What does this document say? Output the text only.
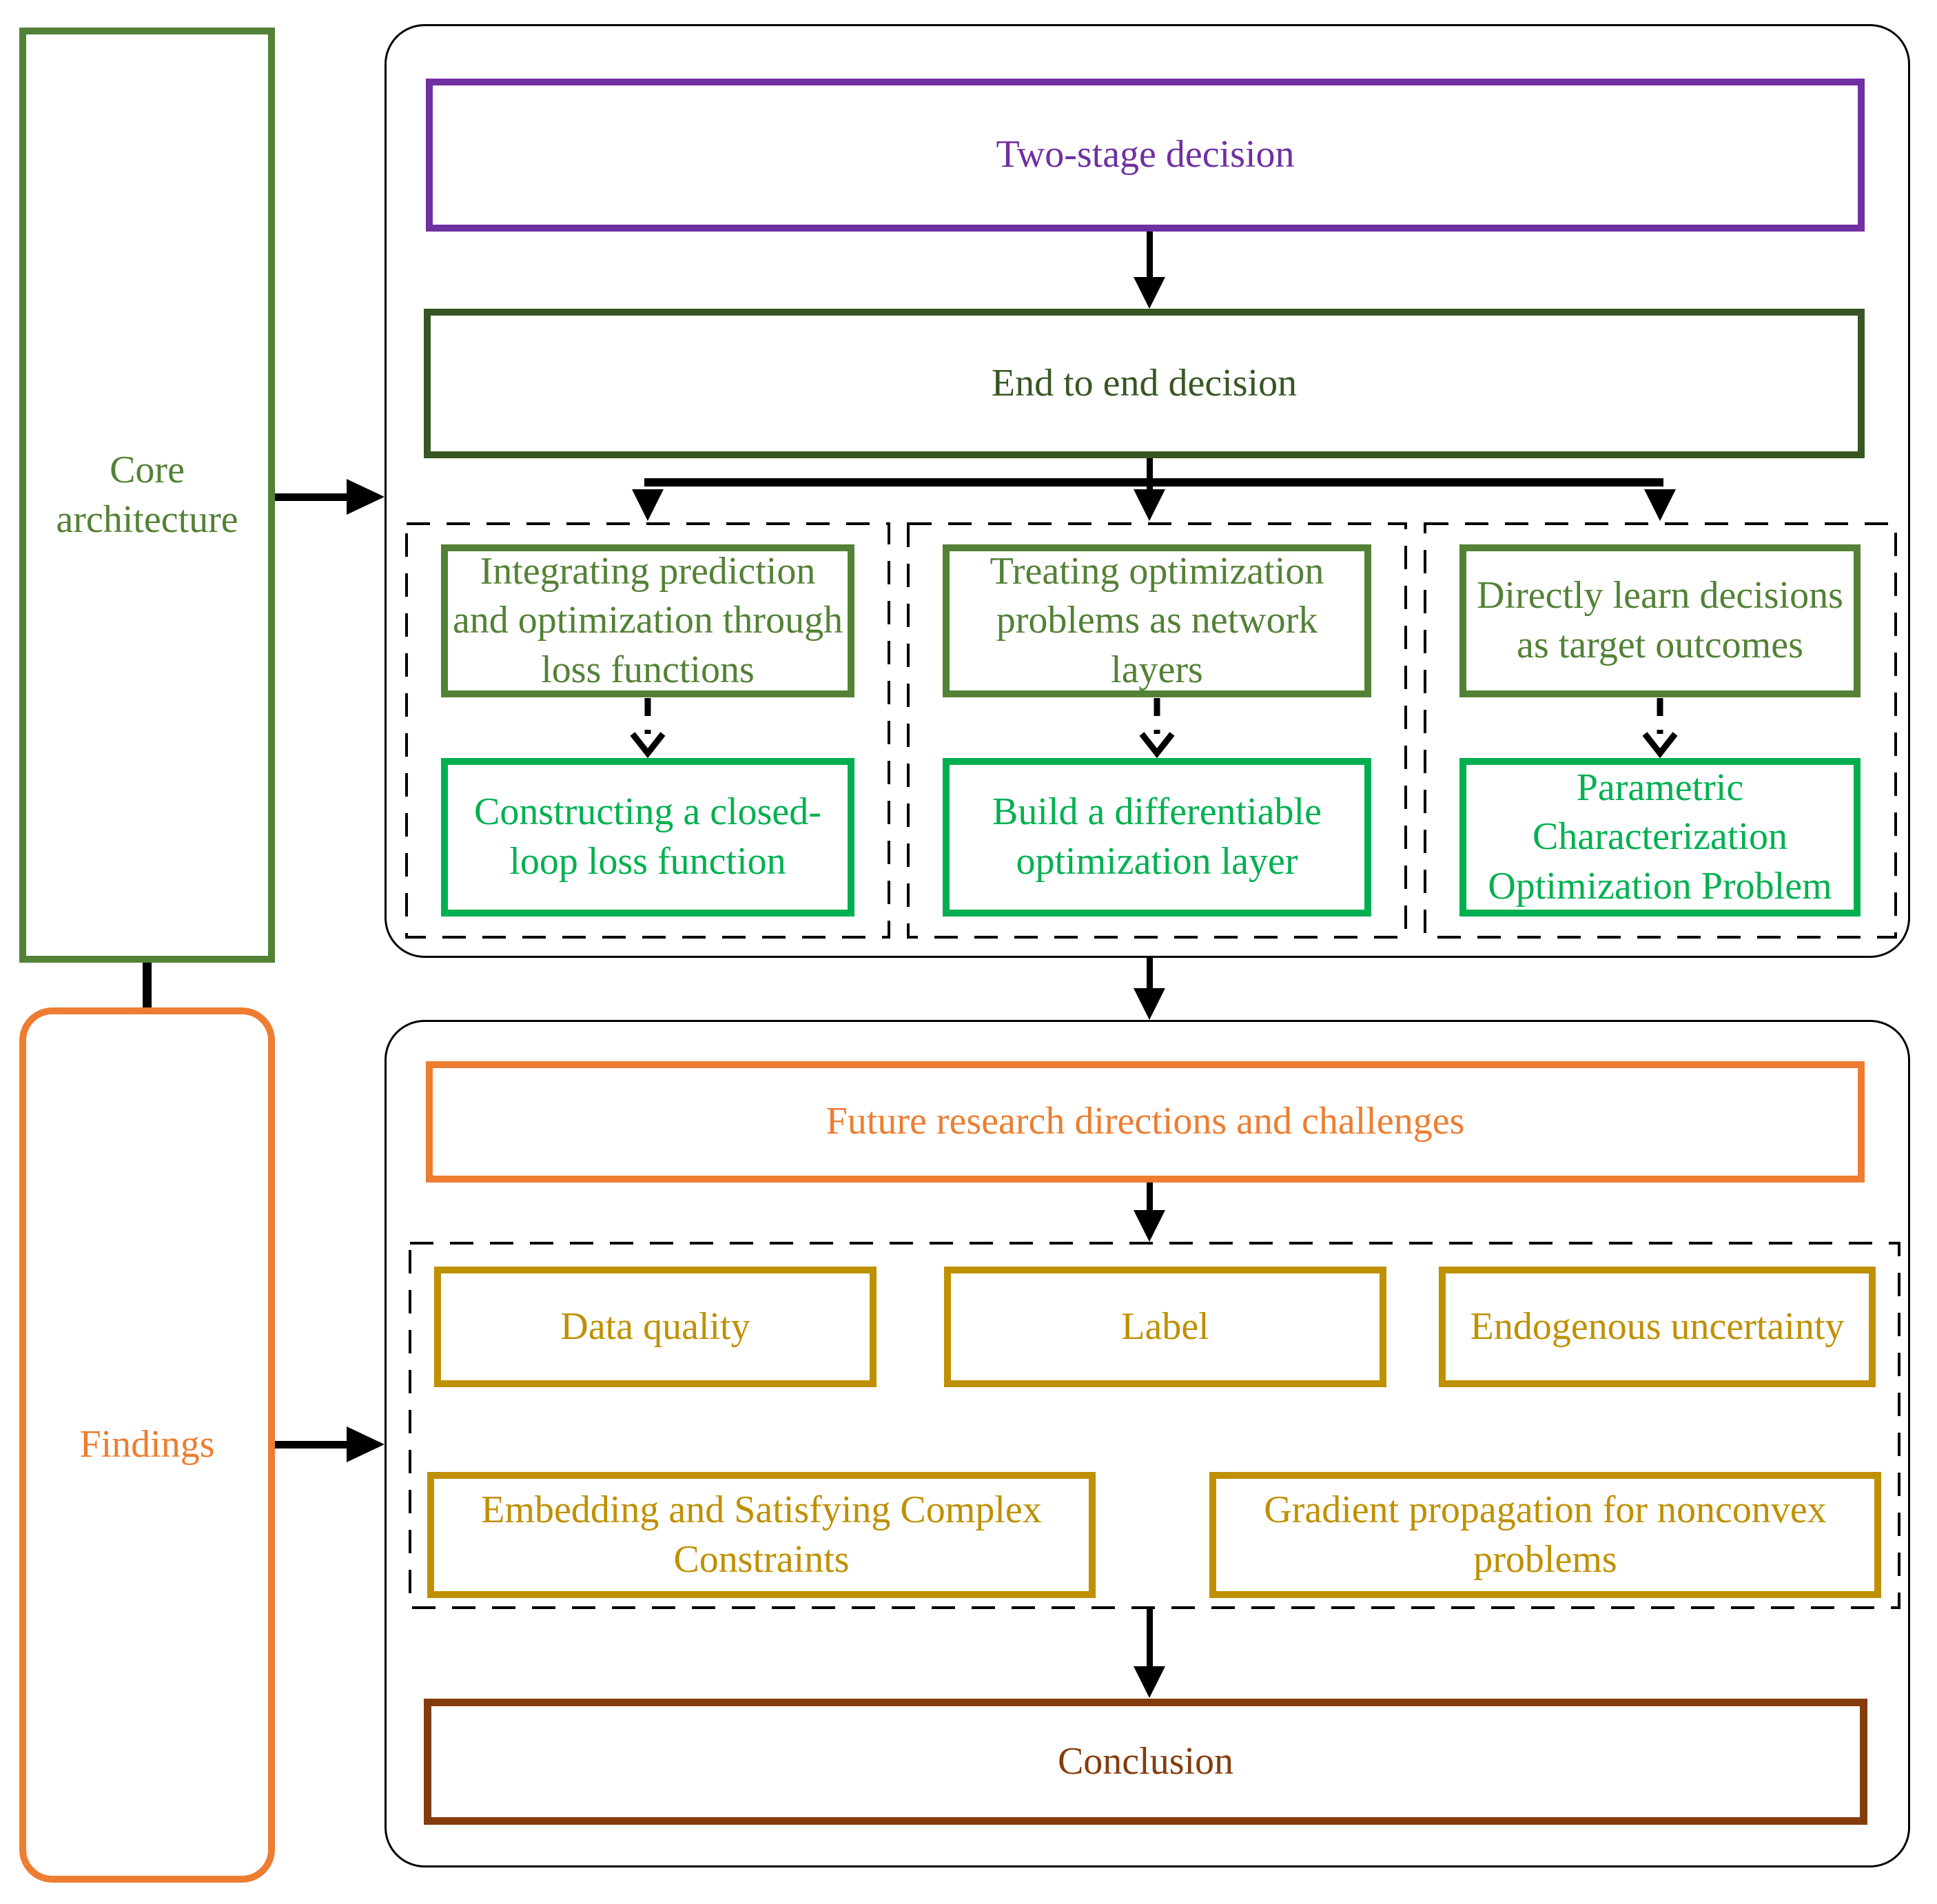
Core architecture
Findings
Two-stage decision
End to end decision
Integrating prediction and optimization through loss functions
Constructing a closed-loop loss function
Treating optimization problems as network layers
Build a differentiable optimization layer
Directly learn decisions as target outcomes
Parametric Characterization Optimization Problem
Future research directions and challenges
Data quality	Label	Endogenous uncertainty
Embedding and Satisfying Complex Constraints
Gradient propagation for nonconvex problems
Conclusion
